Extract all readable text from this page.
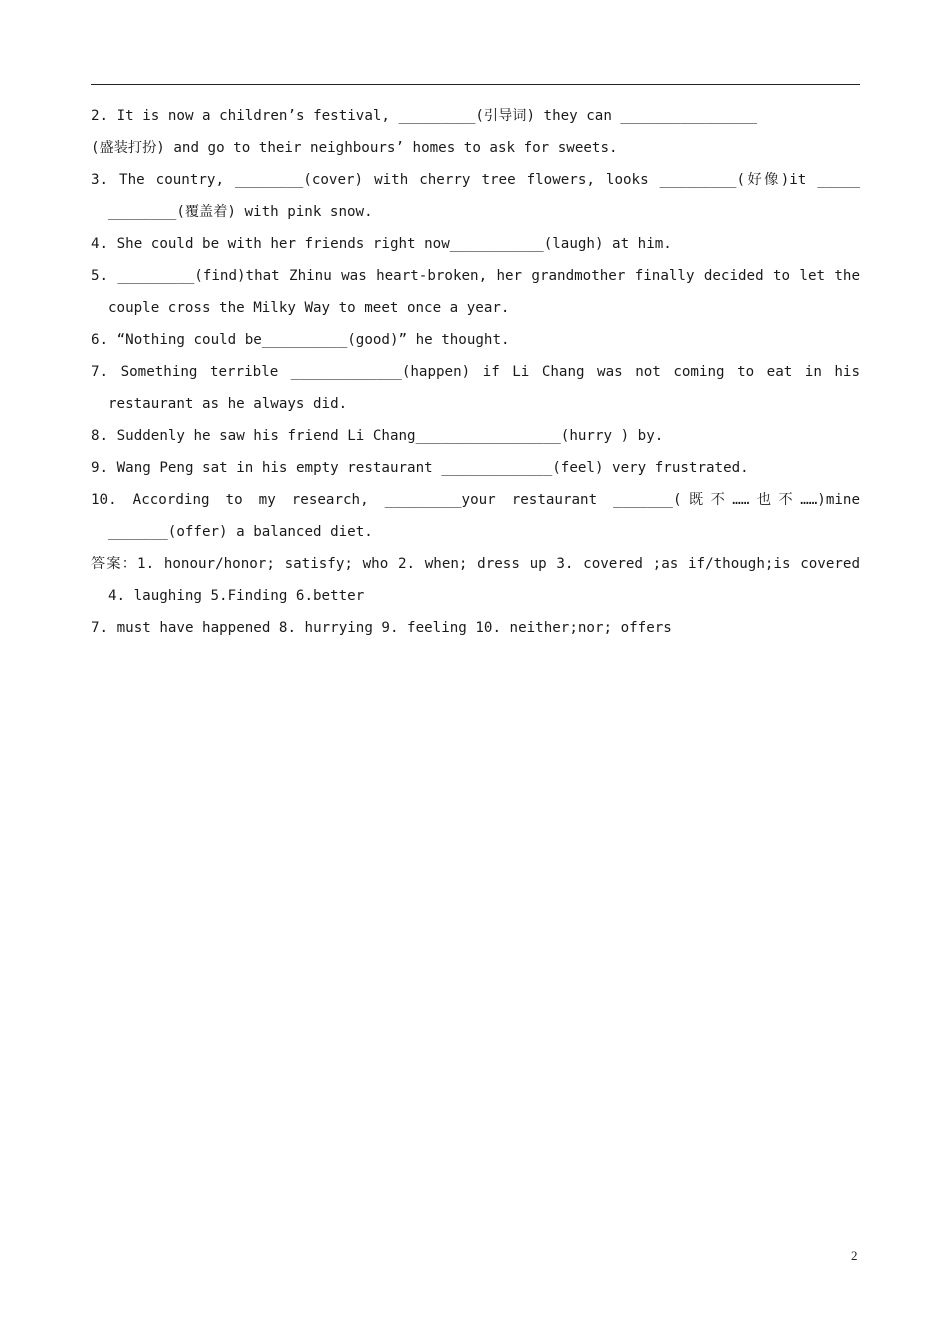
2. It is now a children’s festival, _________(引导词) they can ________________
(盛装打扮) and go to their neighbours’ homes to ask for sweets.
3. The country, ________(cover) with cherry tree flowers, looks _________(好像)it _____
________(覆盖着) with pink snow.
4. She could be with her friends right now___________(laugh) at him.
5. _________(find)that Zhinu was heart-broken, her grandmother finally decided to let the
couple cross the Milky Way to meet once a year.
6. “Nothing could be__________(good)” he thought.
7. Something terrible _____________(happen) if Li Chang was not coming to eat in his
restaurant as he always did.
8. Suddenly he saw his friend Li Chang_________________(hurry ) by.
9. Wang Peng sat in his empty restaurant _____________(feel) very frustrated.
10. According to my research, _________your restaurant _______(既不……也不……)mine
_______(offer) a balanced diet.
答案：1. honour/honor; satisfy; who 2. when; dress up 3. covered ;as if/though;is covered
4. laughing 5.Finding 6.better
7. must have happened 8. hurrying 9. feeling 10. neither;nor; offers
2
